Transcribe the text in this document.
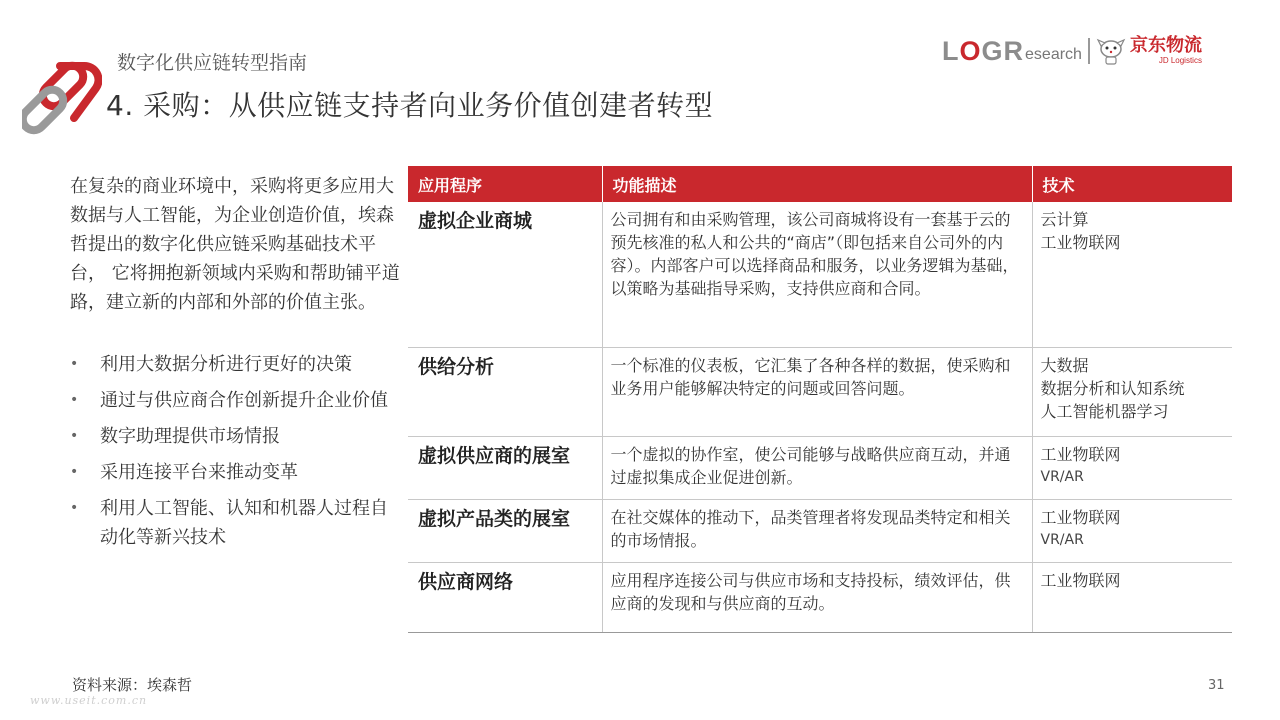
数字化供应链转型指南
4. 采购：从供应链支持者向业务价值创建者转型
L O G R esearch	京东物流
JD Logistics

在复杂的商业环境中，采购将更多应用大数据与人工智能，为企业创造价值，埃森哲提出的数字化供应链采购基础技术平台， 它将拥抱新领域内采购和帮助铺平道路，建立新的内部和外部的价值主张。

• 利用大数据分析进行更好的决策
• 通过与供应商合作创新提升企业价值
• 数字助理提供市场情报
• 采用连接平台来推动变革
• 利用人工智能、认知和机器人过程自动化等新兴技术
应用程序	功能描述	技术
虚拟企业商城	公司拥有和由采购管理，该公司商城将设有一套基于云的预先核准的私人和公共的“商店”（即包括来自公司外的内容）。内部客户可以选择商品和服务，以业务逻辑为基础，以策略为基础指导采购，支持供应商和合同。	云计算
工业物联网

供给分析	一个标准的仪表板，它汇集了各种各样的数据，使采购和业务用户能够解决特定的问题或回答问题。	大数据
数据分析和认知系统
人工智能机器学习

虚拟供应商的展室	一个虚拟的协作室，使公司能够与战略供应商互动，并通过虚拟集成企业促进创新。	工业物联网
VR/AR

虚拟产品类的展室	在社交媒体的推动下，品类管理者将发现品类特定和相关的市场情报。	工业物联网
VR/AR

供应商网络	应用程序连接公司与供应市场和支持投标，绩效评估，供应商的发现和与供应商的互动。	工业物联网
资料来源：埃森哲	31
www.useit.com.cn
